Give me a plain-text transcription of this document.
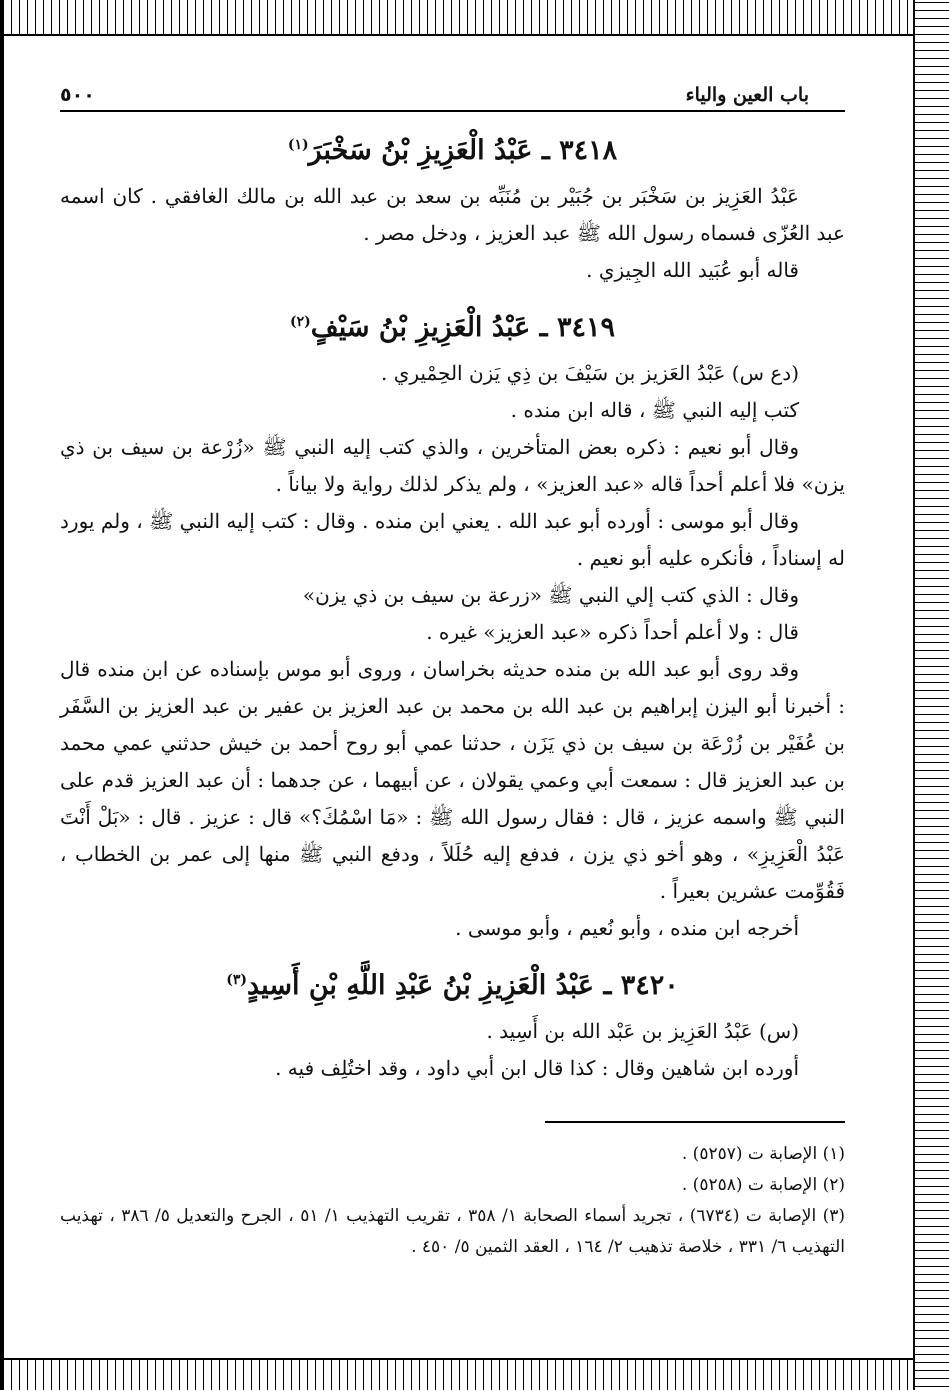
باب العين والياء
٥٠٠
٣٤١٨ ـ عَبْدُ الْعَزِيزِ بْنُ سَخْبَرَ$^{(١)}$

عَبْدُ العَزِيز بن سَخْبَر بن جُبَيْر بن مُنَبِّه بن سعد بن عبد الله بن مالك الغافقي . كان اسمه عبد العُزّى فسماه رسول الله ﷺ عبد العزيز ، ودخل مصر .

قاله أبو عُبَيد الله الجِيزي .

٣٤١٩ ـ عَبْدُ الْعَزِيزِ بْنُ سَيْفٍ$^{(٢)}$

(دع س) عَبْدُ العَزيز بن سَيْفَ بن ذِي يَزن الحِمْيري .

كتب إليه النبي ﷺ ، قاله ابن منده .

وقال أبو نعيم : ذكره بعض المتأخرين ، والذي كتب إليه النبي ﷺ «زُرْعة بن سيف بن ذي يزن» فلا أعلم أحداً قاله «عبد العزيز» ، ولم يذكر لذلك رواية ولا بياناً .

وقال أبو موسى : أورده أبو عبد الله . يعني ابن منده . وقال : كتب إليه النبي ﷺ ، ولم يورد له إسناداً ، فأنكره عليه أبو نعيم .

وقال : الذي كتب إلي النبي ﷺ «زرعة بن سيف بن ذي يزن»

قال : ولا أعلم أحداً ذكره «عبد العزيز» غيره .

وقد روى أبو عبد الله بن منده حديثه بخراسان ، وروى أبو موس بإسناده عن ابن منده قال : أخبرنا أبو اليزن إبراهيم بن عبد الله بن محمد بن عبد العزيز بن عفير بن عبد العزيز بن السَّفَر بن عُفَيْر بن زُرْعَة بن سيف بن ذي يَزَن ، حدثنا عمي أبو روح أحمد بن خيش حدثني عمي محمد بن عبد العزيز قال : سمعت أبي وعمي يقولان ، عن أبيهما ، عن جدهما : أن عبد العزيز قدم على النبي ﷺ واسمه عزيز ، قال : فقال رسول الله ﷺ : «مَا اسْمُكَ؟» قال : عزيز . قال : «بَلْ أَنْتَ عَبْدُ الْعَزِيزِ» ، وهو أخو ذي يزن ، فدفع إليه حُلَلاً ، ودفع النبي ﷺ منها إلى عمر بن الخطاب ، فَقُوِّمت عشرين بعيراً .

أخرجه ابن منده ، وأبو نُعيم ، وأبو موسى .

٣٤٢٠ ـ عَبْدُ الْعَزِيزِ بْنُ عَبْدِ اللَّهِ بْنِ أَسِيدٍ$^{(٣)}$

(س) عَبْدُ العَزِيز بن عَبْد الله بن أَسِيد .

أورده ابن شاهين وقال : كذا قال ابن أبي داود ، وقد اختُلِف فيه .

(١) الإصابة ت (٥٢٥٧) .

(٢) الإصابة ت (٥٢٥٨) .

(٣) الإصابة ت (٦٧٣٤) ، تجريد أسماء الصحابة ١/ ٣٥٨ ، تقريب التهذيب ١/ ٥١ ، الجرح والتعديل ٥/ ٣٨٦ ، تهذيب التهذيب ٦/ ٣٣١ ، خلاصة تذهيب ٢/ ١٦٤ ، العقد الثمين ٥/ ٤٥٠ .
